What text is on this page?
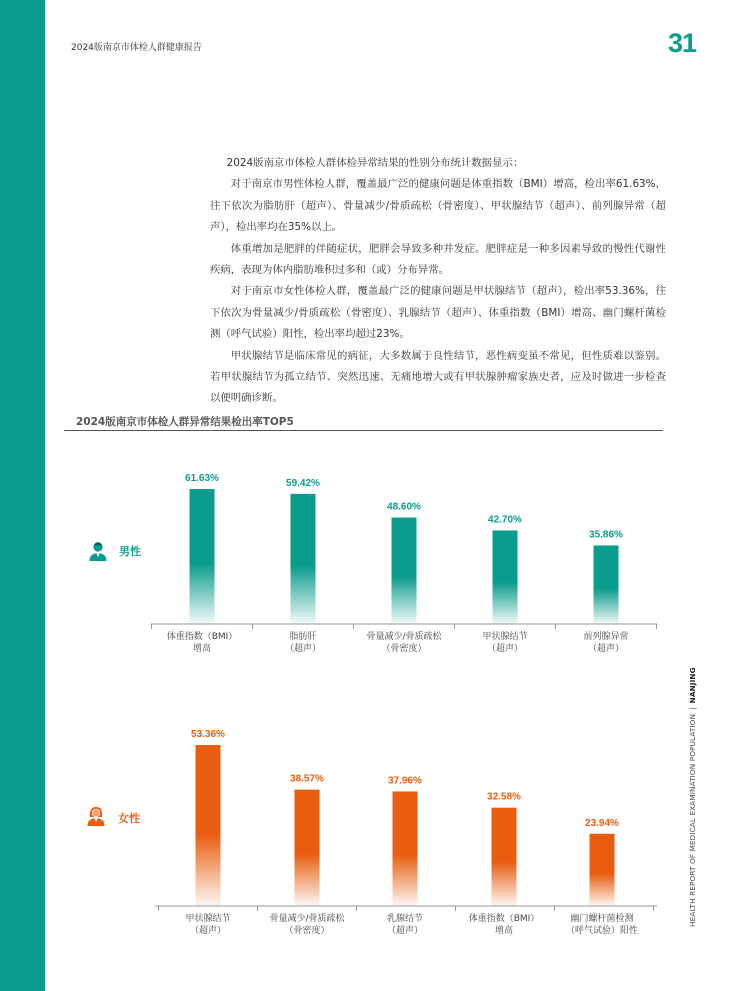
2024版南京市体检人群健康报告	31

2024版南京市体检人群体检异常结果的性别分布统计数据显示：

对于南京市男性体检人群，覆盖最广泛的健康问题是体重指数（BMI）增高，检出率61.63%，往下依次为脂肪肝（超声）、骨量减少/骨质疏松（骨密度）、甲状腺结节（超声）、前列腺异常（超声），检出率均在35%以上。

体重增加是肥胖的伴随症状，肥胖会导致多种并发症。肥胖症是一种多因素导致的慢性代谢性疾病，表现为体内脂肪堆积过多和（或）分布异常。

对于南京市女性体检人群，覆盖最广泛的健康问题是甲状腺结节（超声），检出率53.36%，往下依次为骨量减少/骨质疏松（骨密度）、乳腺结节（超声）、体重指数（BMI）增高、幽门螺杆菌检测（呼气试验）阳性，检出率均超过23%。

甲状腺结节是临床常见的病征，大多数属于良性结节，恶性病变虽不常见，但性质难以鉴别。若甲状腺结节为孤立结节、突然迅速、无痛地增大或有甲状腺肿瘤家族史者，应及时做进一步检查以便明确诊断。

2024版南京市体检人群异常结果检出率TOP5
男性
女性
61.63%
体重指数（BMI）
增高
59.42%
脂肪肝
（超声）
48.60%
骨量减少/骨质疏松
（骨密度）
42.70%
甲状腺结节
（超声）
35.86%
前列腺异常
（超声）
53.36%
甲状腺结节
（超声）
38.57%
骨量减少/骨质疏松
（骨密度）
37.96%
乳腺结节
（超声）
32.58%
体重指数（BMI）
增高
23.94%
幽门螺杆菌检测
（呼气试验）阳性
HEALTH REPORT OF MEDICAL EXAMINATION POPULATION|NANJING
